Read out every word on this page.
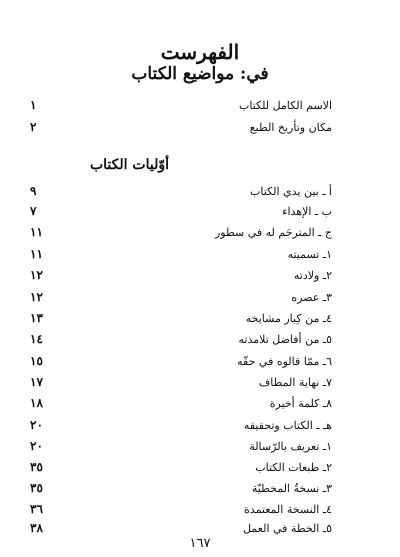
الفهرست
في: مواضيع الكتاب
الاسم الكامل للكتاب
١
مكان وتأريخ الطبع
٢
أوّليات الكتاب
أ ـ بين يدي الكتاب
٩
ب ـ الإهداء
٧
ج ـ المترجَم له في سطور
١١
١ـ تسميته
١١
٢ـ ولادته
١٢
٣ـ عصره
١٢
٤ـ من كِبار مشايخه
١٣
٥ـ من أفاضل تلامذته
١٤
٦ـ ممّا قالوه في حقّه
١٥
٧ـ نهاية المطاف
١٧
٨ـ كلمة أخيرة
١٨
هـ ـ الكتاب وتحقيقه
٢٠
١ـ تعريف بالرّسالة
٢٠
٢ـ طبعات الكتاب
٣٥
٣ـ نسخةُ المخطيّة
٣٥
٤ـ النسخة المعتمدة
٣٦
٥ـ الخطة في العمل
٣٨
١٦٧
